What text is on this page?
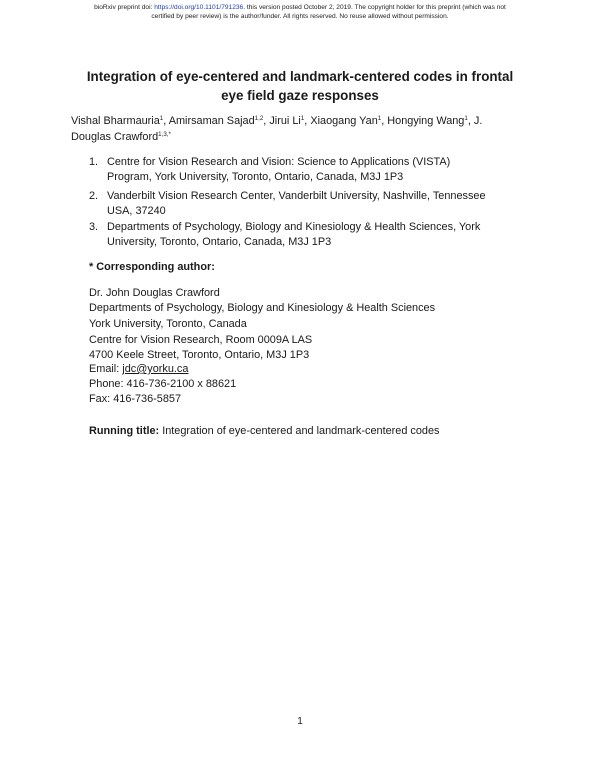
bioRxiv preprint doi: https://doi.org/10.1101/791236. this version posted October 2, 2019. The copyright holder for this preprint (which was not
certified by peer review) is the author/funder. All rights reserved. No reuse allowed without permission.
Integration of eye-centered and landmark-centered codes in frontal
eye field gaze responses
Vishal Bharmauria$^1$, Amirsaman Sajad$^{1,2}$, Jirui Li$^1$, Xiaogang Yan$^1$, Hongying Wang$^1$, J.
Douglas Crawford$^{1,3,*}$
1. Centre for Vision Research and Vision: Science to Applications (VISTA)
Program, York University, Toronto, Ontario, Canada, M3J 1P3
2. Vanderbilt Vision Research Center, Vanderbilt University, Nashville, Tennessee
USA, 37240
3. Departments of Psychology, Biology and Kinesiology & Health Sciences, York
University, Toronto, Ontario, Canada, M3J 1P3
* Corresponding author:
Dr. John Douglas Crawford
Departments of Psychology, Biology and Kinesiology & Health Sciences
York University, Toronto, Canada
Centre for Vision Research, Room 0009A LAS
4700 Keele Street, Toronto, Ontario, M3J 1P3
Email: jdc@yorku.ca
Phone: 416-736-2100 x 88621
Fax: 416-736-5857
Running title: Integration of eye-centered and landmark-centered codes
1
